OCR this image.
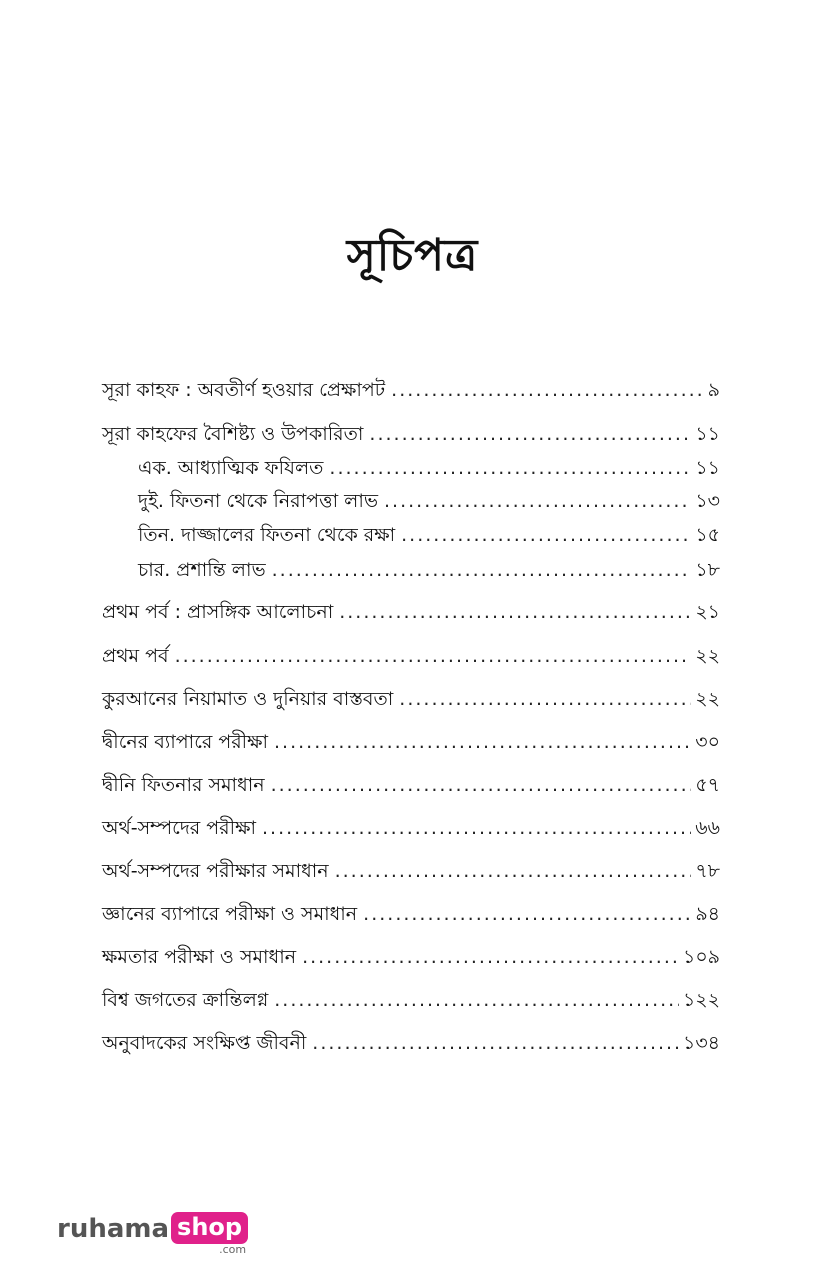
সূচিপত্র
সূরা কাহফ : অবতীর্ণ হওয়ার প্রেক্ষাপট .....	৯
সূরা কাহফের বৈশিষ্ট্য ও উপকারিতা .....	১১
এক. আধ্যাত্মিক ফযিলত .....	১১
দুই. ফিতনা থেকে নিরাপত্তা লাভ .....	১৩
তিন. দাজ্জালের ফিতনা থেকে রক্ষা .....	১৫
চার. প্রশান্তি লাভ .....	১৮
প্রথম পর্ব : প্রাসঙ্গিক আলোচনা .....	২১
প্রথম পর্ব .....	২২
কুরআনের নিয়ামাত ও দুনিয়ার বাস্তবতা .....	২২
দ্বীনের ব্যাপারে পরীক্ষা .....	৩০
দ্বীনি ফিতনার সমাধান .....	৫৭
অর্থ-সম্পদের পরীক্ষা .....	৬৬
অর্থ-সম্পদের পরীক্ষার সমাধান .....	৭৮
জ্ঞানের ব্যাপারে পরীক্ষা ও সমাধান .....	৯৪
ক্ষমতার পরীক্ষা ও সমাধান .....	১০৯
বিশ্ব জগতের ক্রান্তিলগ্ন .....	১২২
অনুবাদকের সংক্ষিপ্ত জীবনী .....	১৩৪
ruhama shop
.com
